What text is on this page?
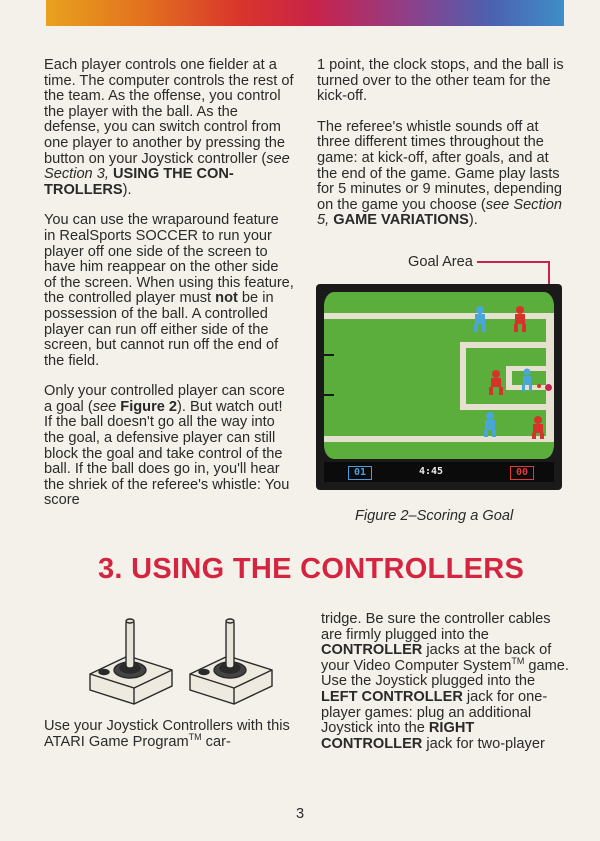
Each player controls one fielder at a time. The computer controls the rest of the team. As the offense, you control the player with the ball. As the defense, you can switch control from one player to another by pressing the button on your Joystick controller (see Section 3, USING THE CONTROLLERS).

You can use the wraparound feature in RealSports SOCCER to run your player off one side of the screen to have him reappear on the other side of the screen. When using this feature, the controlled player must not be in possession of the ball. A controlled player can run off either side of the screen, but cannot run off the end of the field.

Only your controlled player can score a goal (see Figure 2). But watch out! If the ball doesn't go all the way into the goal, a defensive player can still block the goal and take control of the ball. If the ball does go in, you'll hear the shriek of the referee's whistle: You score

1 point, the clock stops, and the ball is turned over to the other team for the kick-off.

The referee's whistle sounds off at three different times throughout the game: at kick-off, after goals, and at the end of the game. Game play lasts for 5 minutes or 9 minutes, depending on the game you choose (see Section 5, GAME VARIATIONS).

Goal Area
01	4:45	00
Figure 2–Scoring a Goal
3. USING THE CONTROLLERS
Use your Joystick Controllers with this ATARI Game Program™ car-
tridge. Be sure the controller cables are firmly plugged into the CONTROLLER jacks at the back of your Video Computer System™ game. Use the Joystick plugged into the LEFT CONTROLLER jack for one-player games: plug an additional Joystick into the RIGHT CONTROLLER jack for two-player
3
